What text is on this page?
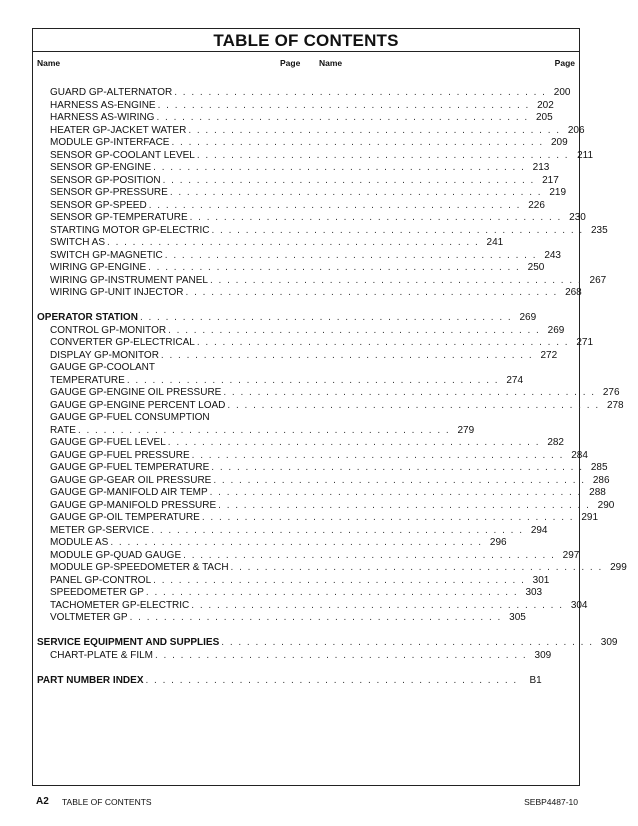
TABLE OF CONTENTS
Name	Page Name	Page
GUARD GP-ALTERNATOR . . . . . . . . . . . . . . . . . . . . . . . . . . . . . . . . . . . . . . . . . . . . 200
HARNESS AS-ENGINE . . . . . . . . . . . . . . . . . . . . . . . . . . . . . . . . . . . . . . . . . . . . 202
HARNESS AS-WIRING . . . . . . . . . . . . . . . . . . . . . . . . . . . . . . . . . . . . . . . . . . . . 205
HEATER GP-JACKET WATER . . . . . . . . . . . . . . . . . . . . . . . . . . . . . . . . . . . . . . . . . . . . 206
MODULE GP-INTERFACE . . . . . . . . . . . . . . . . . . . . . . . . . . . . . . . . . . . . . . . . . . . . 209
SENSOR GP-COOLANT LEVEL . . . . . . . . . . . . . . . . . . . . . . . . . . . . . . . . . . . . . . . . . . . . 211
SENSOR GP-ENGINE . . . . . . . . . . . . . . . . . . . . . . . . . . . . . . . . . . . . . . . . . . . . 213
SENSOR GP-POSITION . . . . . . . . . . . . . . . . . . . . . . . . . . . . . . . . . . . . . . . . . . . . 217
SENSOR GP-PRESSURE . . . . . . . . . . . . . . . . . . . . . . . . . . . . . . . . . . . . . . . . . . . . 219
SENSOR GP-SPEED . . . . . . . . . . . . . . . . . . . . . . . . . . . . . . . . . . . . . . . . . . . . 226
SENSOR GP-TEMPERATURE . . . . . . . . . . . . . . . . . . . . . . . . . . . . . . . . . . . . . . . . . . . . 230
STARTING MOTOR GP-ELECTRIC . . . . . . . . . . . . . . . . . . . . . . . . . . . . . . . . . . . . . . . . . . . . 235
SWITCH AS . . . . . . . . . . . . . . . . . . . . . . . . . . . . . . . . . . . . . . . . . . . . 241
SWITCH GP-MAGNETIC . . . . . . . . . . . . . . . . . . . . . . . . . . . . . . . . . . . . . . . . . . . . 243
WIRING GP-ENGINE . . . . . . . . . . . . . . . . . . . . . . . . . . . . . . . . . . . . . . . . . . . . 250
WIRING GP-INSTRUMENT PANEL . . . . . . . . . . . . . . . . . . . . . . . . . . . . . . . . . . . . . . . . . . . . 267
WIRING GP-UNIT INJECTOR . . . . . . . . . . . . . . . . . . . . . . . . . . . . . . . . . . . . . . . . . . . . 268
OPERATOR STATION . . . . . . . . . . . . . . . . . . . . . . . . . . . . . . . . . . . . . . . . . . . . 269
CONTROL GP-MONITOR . . . . . . . . . . . . . . . . . . . . . . . . . . . . . . . . . . . . . . . . . . . . 269
CONVERTER GP-ELECTRICAL . . . . . . . . . . . . . . . . . . . . . . . . . . . . . . . . . . . . . . . . . . . . 271
DISPLAY GP-MONITOR . . . . . . . . . . . . . . . . . . . . . . . . . . . . . . . . . . . . . . . . . . . . 272
GAUGE GP-COOLANT
TEMPERATURE . . . . . . . . . . . . . . . . . . . . . . . . . . . . . . . . . . . . . . . . . . . . 274
GAUGE GP-ENGINE OIL PRESSURE . . . . . . . . . . . . . . . . . . . . . . . . . . . . . . . . . . . . . . . . . . . . 276
GAUGE GP-ENGINE PERCENT LOAD . . . . . . . . . . . . . . . . . . . . . . . . . . . . . . . . . . . . . . . . . . . . 278
GAUGE GP-FUEL CONSUMPTION
RATE . . . . . . . . . . . . . . . . . . . . . . . . . . . . . . . . . . . . . . . . . . . . 279
GAUGE GP-FUEL LEVEL . . . . . . . . . . . . . . . . . . . . . . . . . . . . . . . . . . . . . . . . . . . . 282
GAUGE GP-FUEL PRESSURE . . . . . . . . . . . . . . . . . . . . . . . . . . . . . . . . . . . . . . . . . . . . 284
GAUGE GP-FUEL TEMPERATURE . . . . . . . . . . . . . . . . . . . . . . . . . . . . . . . . . . . . . . . . . . . . 285
GAUGE GP-GEAR OIL PRESSURE . . . . . . . . . . . . . . . . . . . . . . . . . . . . . . . . . . . . . . . . . . . . 286
GAUGE GP-MANIFOLD AIR TEMP . . . . . . . . . . . . . . . . . . . . . . . . . . . . . . . . . . . . . . . . . . . . 288
GAUGE GP-MANIFOLD PRESSURE . . . . . . . . . . . . . . . . . . . . . . . . . . . . . . . . . . . . . . . . . . . . 290
GAUGE GP-OIL TEMPERATURE . . . . . . . . . . . . . . . . . . . . . . . . . . . . . . . . . . . . . . . . . . . . 291
METER GP-SERVICE . . . . . . . . . . . . . . . . . . . . . . . . . . . . . . . . . . . . . . . . . . . . 294
MODULE AS . . . . . . . . . . . . . . . . . . . . . . . . . . . . . . . . . . . . . . . . . . . . 296
MODULE GP-QUAD GAUGE . . . . . . . . . . . . . . . . . . . . . . . . . . . . . . . . . . . . . . . . . . . . 297
MODULE GP-SPEEDOMETER & TACH . . . . . . . . . . . . . . . . . . . . . . . . . . . . . . . . . . . . . . . . . . . . 299
PANEL GP-CONTROL . . . . . . . . . . . . . . . . . . . . . . . . . . . . . . . . . . . . . . . . . . . . 301
SPEEDOMETER GP . . . . . . . . . . . . . . . . . . . . . . . . . . . . . . . . . . . . . . . . . . . . 303
TACHOMETER GP-ELECTRIC . . . . . . . . . . . . . . . . . . . . . . . . . . . . . . . . . . . . . . . . . . . . 304
VOLTMETER GP . . . . . . . . . . . . . . . . . . . . . . . . . . . . . . . . . . . . . . . . . . . . 305
SERVICE EQUIPMENT AND SUPPLIES . . . . . . . . . . . . . . . . . . . . . . . . . . . . . . . . . . . . . . . . . . . . 309
CHART-PLATE & FILM . . . . . . . . . . . . . . . . . . . . . . . . . . . . . . . . . . . . . . . . . . . . 309
PART NUMBER INDEX . . . . . . . . . . . . . . . . . . . . . . . . . . . . . . . . . . . . . . . . . . . .	B1
A2 TABLE OF CONTENTS	SEBP4487-10
